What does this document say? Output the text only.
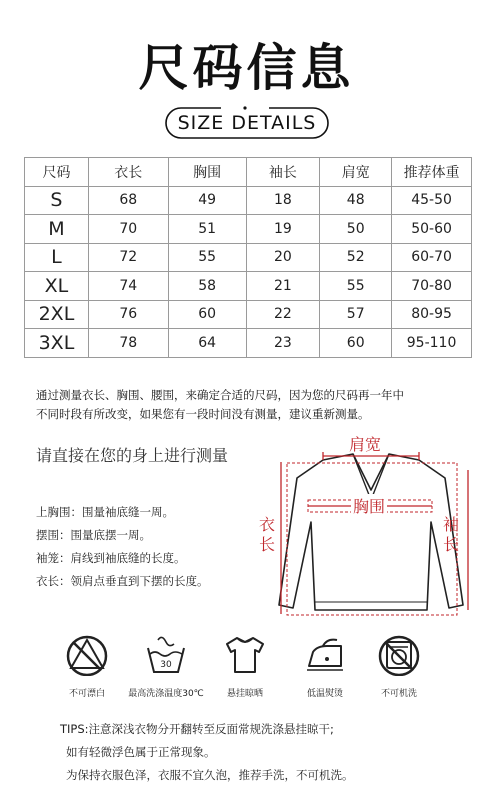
尺码信息
SIZE DETAILS
尺码	衣长	胸围	袖长	肩宽	推荐体重
S	68	49	18	48	45-50
M	70	51	19	50	50-60
L	72	55	20	52	60-70
XL	74	58	21	55	70-80
2XL	76	60	22	57	80-95
3XL	78	64	23	60	95-110
通过测量衣长、胸围、腰围，来确定合适的尺码，因为您的尺码再一年中
不同时段有所改变，如果您有一段时间没有测量，建议重新测量。
请直接在您的身上进行测量
上胸围：围量袖底缝一周。
摆围：围量底摆一周。
袖笼：肩线到袖底缝的长度。
衣长：领肩点垂直到下摆的长度。
肩宽
胸围
衣
长
袖
长
不可漂白
30
最高洗涤温度30℃	悬挂晾晒	低温熨烫	不可机洗
TIPS:注意深浅衣物分开翻转至反面常规洗涤悬挂晾干;
如有轻微浮色属于正常现象。
为保持衣服色泽，衣服不宜久泡，推荐手洗，不可机洗。
